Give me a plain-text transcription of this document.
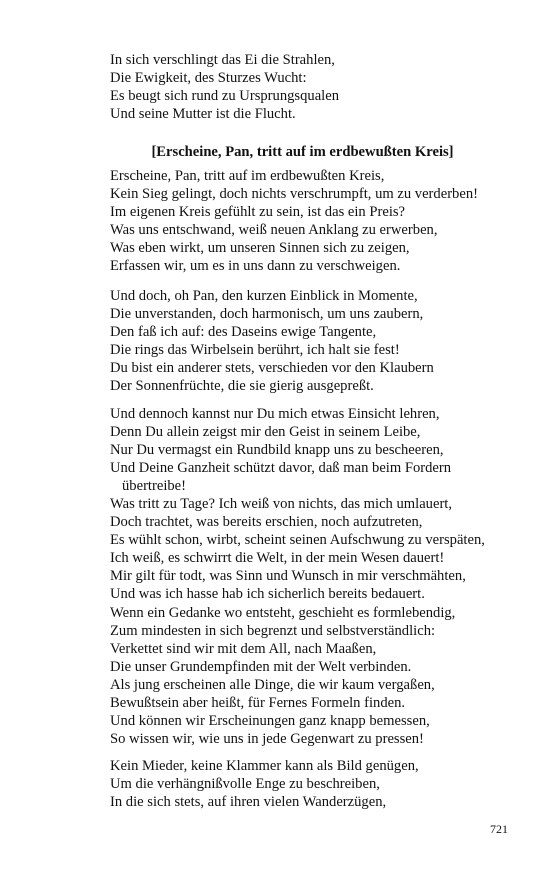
In sich verschlingt das Ei die Strahlen,
Die Ewigkeit, des Sturzes Wucht:
Es beugt sich rund zu Ursprungsqualen
Und seine Mutter ist die Flucht.
[Erscheine, Pan, tritt auf im erdbewußten Kreis]
Erscheine, Pan, tritt auf im erdbewußten Kreis,
Kein Sieg gelingt, doch nichts verschrumpft, um zu verderben!
Im eigenen Kreis gefühlt zu sein, ist das ein Preis?
Was uns entschwand, weiß neuen Anklang zu erwerben,
Was eben wirkt, um unseren Sinnen sich zu zeigen,
Erfassen wir, um es in uns dann zu verschweigen.
Und doch, oh Pan, den kurzen Einblick in Momente,
Die unverstanden, doch harmonisch, um uns zaubern,
Den faß ich auf: des Daseins ewige Tangente,
Die rings das Wirbelsein berührt, ich halt sie fest!
Du bist ein anderer stets, verschieden vor den Klaubern
Der Sonnenfrüchte, die sie gierig ausgepreßt.
Und dennoch kannst nur Du mich etwas Einsicht lehren,
Denn Du allein zeigst mir den Geist in seinem Leibe,
Nur Du vermagst ein Rundbild knapp uns zu bescheeren,
Und Deine Ganzheit schützt davor, daß man beim Fordern
übertreibe!
Was tritt zu Tage? Ich weiß von nichts, das mich umlauert,
Doch trachtet, was bereits erschien, noch aufzutreten,
Es wühlt schon, wirbt, scheint seinen Aufschwung zu verspäten,
Ich weiß, es schwirrt die Welt, in der mein Wesen dauert!
Mir gilt für todt, was Sinn und Wunsch in mir verschmähten,
Und was ich hasse hab ich sicherlich bereits bedauert.
Wenn ein Gedanke wo entsteht, geschieht es formlebendig,
Zum mindesten in sich begrenzt und selbstverständlich:
Verkettet sind wir mit dem All, nach Maaßen,
Die unser Grundempfinden mit der Welt verbinden.
Als jung erscheinen alle Dinge, die wir kaum vergaßen,
Bewußtsein aber heißt, für Fernes Formeln finden.
Und können wir Erscheinungen ganz knapp bemessen,
So wissen wir, wie uns in jede Gegenwart zu pressen!
Kein Mieder, keine Klammer kann als Bild genügen,
Um die verhängnißvolle Enge zu beschreiben,
In die sich stets, auf ihren vielen Wanderzügen,
721
